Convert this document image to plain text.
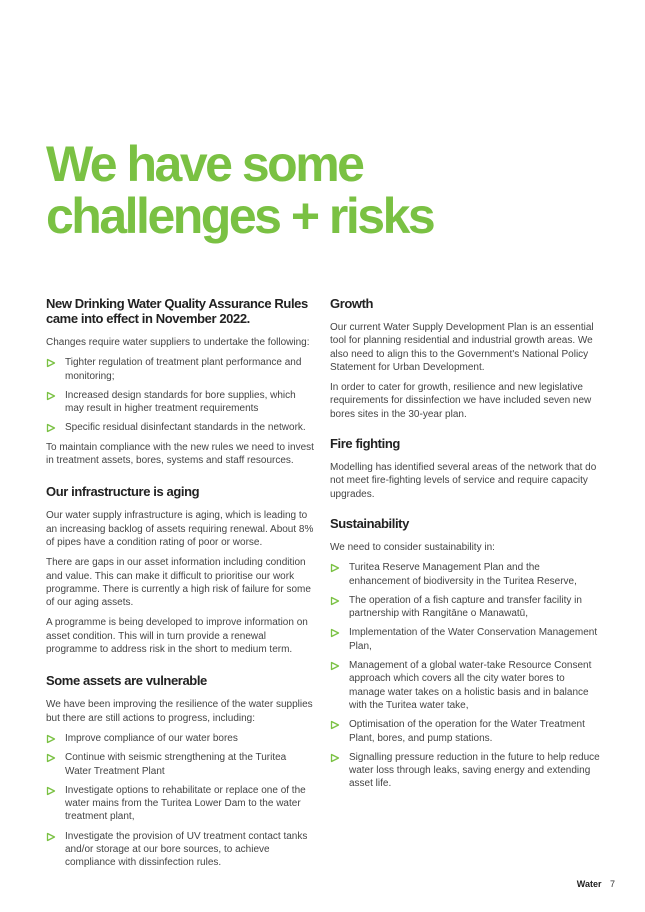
We have some
challenges + risks
New Drinking Water Quality Assurance Rules came into effect in November 2022.

Changes require water suppliers to undertake the following:

Tighter regulation of treatment plant performance and monitoring;
Increased design standards for bore supplies, which may result in higher treatment requirements
Specific residual disinfectant standards in the network.

To maintain compliance with the new rules we need to invest in treatment assets, bores, systems and staff resources.

Our infrastructure is aging

Our water supply infrastructure is aging, which is leading to an increasing backlog of assets requiring renewal. About 8% of pipes have a condition rating of poor or worse.

There are gaps in our asset information including condition and value. This can make it difficult to prioritise our work programme. There is currently a high risk of failure for some of our aging assets.

A programme is being developed to improve information on asset condition. This will in turn provide a renewal programme to address risk in the short to medium term.

Some assets are vulnerable

We have been improving the resilience of the water supplies but there are still actions to progress, including:

Improve compliance of our water bores
Continue with seismic strengthening at the Turitea Water Treatment Plant
Investigate options to rehabilitate or replace one of the water mains from the Turitea Lower Dam to the water treatment plant,
Investigate the provision of UV treatment contact tanks and/or storage at our bore sources, to achieve compliance with dissinfection rules.
Growth

Our current Water Supply Development Plan is an essential tool for planning residential and industrial growth areas. We also need to align this to the Government's National Policy Statement for Urban Development.

In order to cater for growth, resilience and new legislative requirements for dissinfection we have included seven new bores sites in the 30-year plan.

Fire fighting

Modelling has identified several areas of the network that do not meet fire-fighting levels of service and require capacity upgrades.

Sustainability

We need to consider sustainability in:

Turitea Reserve Management Plan and the enhancement of biodiversity in the Turitea Reserve,
The operation of a fish capture and transfer facility in partnership with Rangitāne o Manawatū,
Implementation of the Water Conservation Management Plan,
Management of a global water-take Resource Consent approach which covers all the city water bores to manage water takes on a holistic basis and in balance with the Turitea water take,
Optimisation of the operation for the Water Treatment Plant, bores, and pump stations.
Signalling pressure reduction in the future to help reduce water loss through leaks, saving energy and extending asset life.
Water 7
